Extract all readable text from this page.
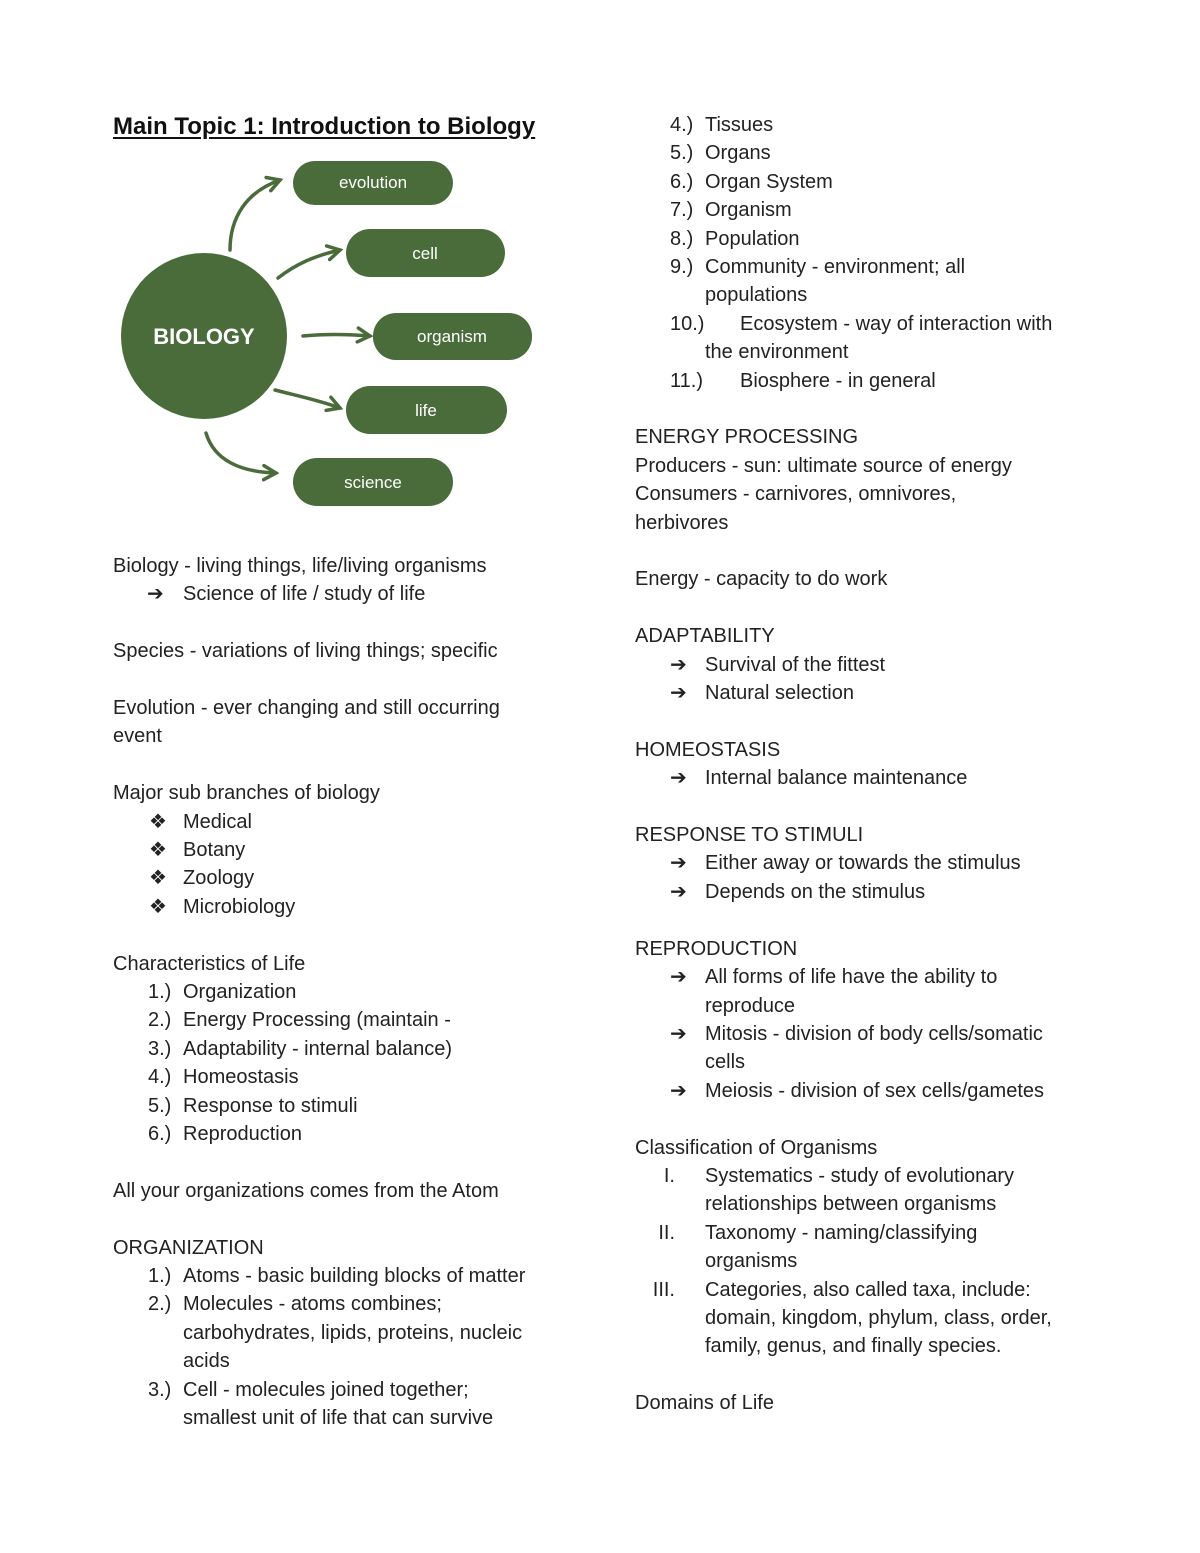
Main Topic 1: Introduction to Biology
BIOLOGY
evolution
cell
organism
life
science
Biology - living things, life/living organisms
➔ Science of life / study of life
Species - variations of living things; specific
Evolution - ever changing and still occurring
event
Major sub branches of biology
❖ Medical
❖ Botany
❖ Zoology
❖ Microbiology
Characteristics of Life
1.) Organization
2.) Energy Processing (maintain -
3.) Adaptability - internal balance)
4.) Homeostasis
5.) Response to stimuli
6.) Reproduction
All your organizations comes from the Atom
ORGANIZATION
1.) Atoms - basic building blocks of matter
2.) Molecules - atoms combines;
carbohydrates, lipids, proteins, nucleic
acids
3.) Cell - molecules joined together;
smallest unit of life that can survive
4.) Tissues
5.) Organs
6.) Organ System
7.) Organism
8.) Population
9.) Community - environment; all
populations
10.)	Ecosystem - way of interaction with
the environment
11.)	Biosphere - in general
ENERGY PROCESSING
Producers - sun: ultimate source of energy
Consumers - carnivores, omnivores,
herbivores
Energy - capacity to do work
ADAPTABILITY
➔ Survival of the fittest
➔ Natural selection
HOMEOSTASIS
➔ Internal balance maintenance
RESPONSE TO STIMULI
➔ Either away or towards the stimulus
➔ Depends on the stimulus
REPRODUCTION
➔ All forms of life have the ability to
reproduce
➔ Mitosis - division of body cells/somatic
cells
➔ Meiosis - division of sex cells/gametes
Classification of Organisms
I.	Systematics - study of evolutionary
relationships between organisms
II.	Taxonomy - naming/classifying
organisms
III.	Categories, also called taxa, include:
domain, kingdom, phylum, class, order,
family, genus, and finally species.
Domains of Life
